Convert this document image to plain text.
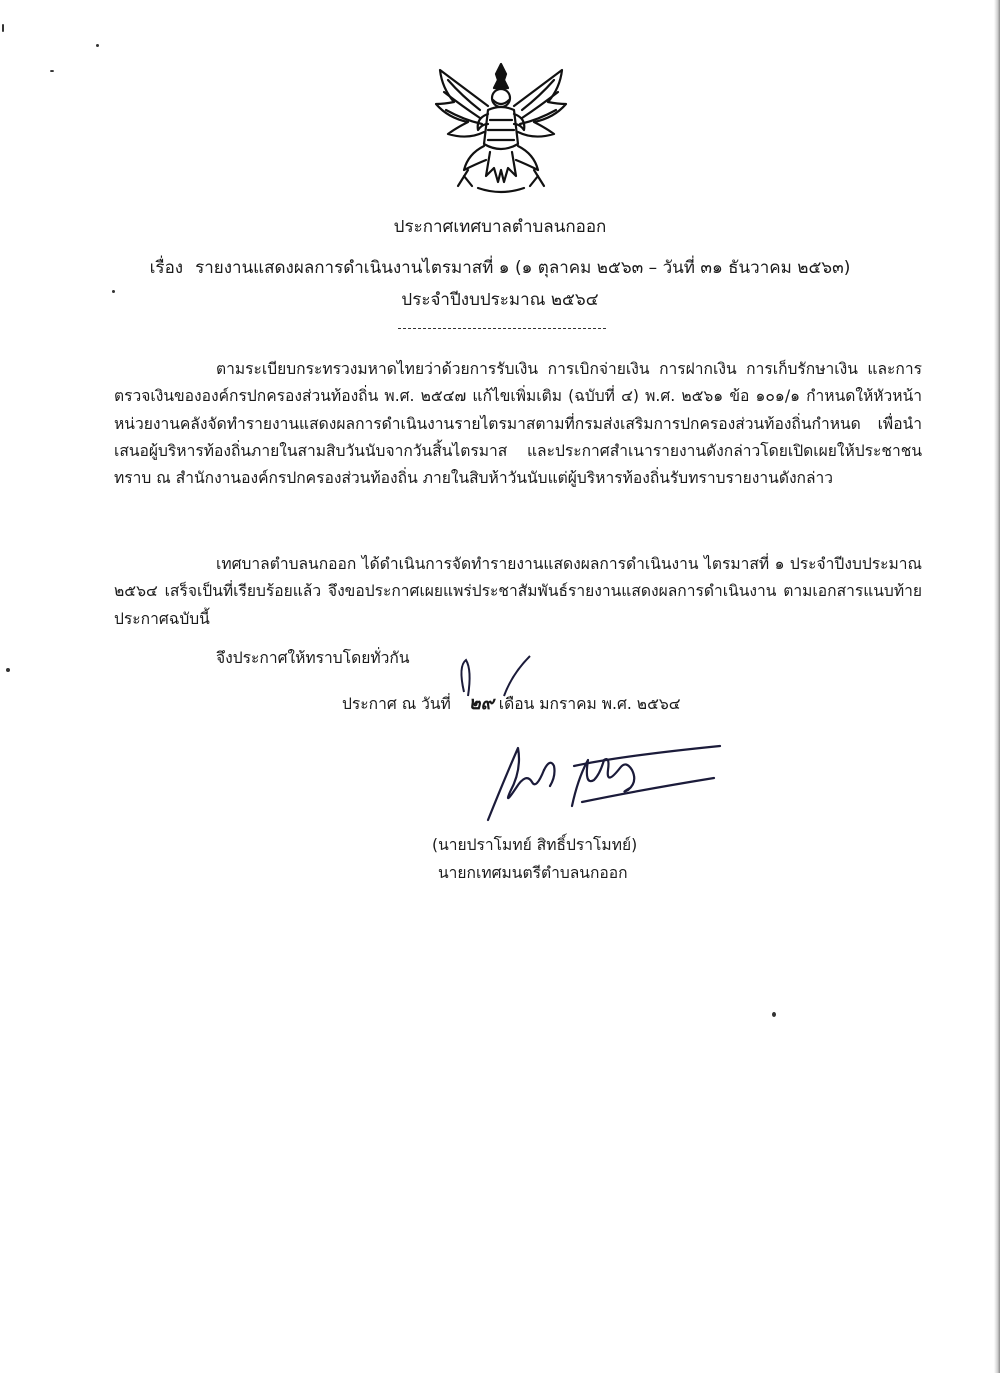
ประกาศเทศบาลตำบลนกออก
เรื่อง รายงานแสดงผลการดำเนินงานไตรมาสที่ ๑ (๑ ตุลาคม ๒๕๖๓ – วันที่ ๓๑ ธันวาคม ๒๕๖๓)
ประจำปีงบประมาณ ๒๕๖๔
ตามระเบียบกระทรวงมหาดไทยว่าด้วยการรับเงิน การเบิกจ่ายเงิน การฝากเงิน การเก็บรักษาเงิน และการตรวจเงินขององค์กรปกครองส่วนท้องถิ่น พ.ศ. ๒๕๔๗ แก้ไขเพิ่มเติม (ฉบับที่ ๔) พ.ศ. ๒๕๖๑ ข้อ ๑๐๑/๑ กำหนดให้หัวหน้าหน่วยงานคลังจัดทำรายงานแสดงผลการดำเนินงานรายไตรมาสตามที่กรมส่งเสริมการปกครองส่วนท้องถิ่นกำหนด เพื่อนำเสนอผู้บริหารท้องถิ่นภายในสามสิบวันนับจากวันสิ้นไตรมาส และประกาศสำเนารายงานดังกล่าวโดยเปิดเผยให้ประชาชนทราบ ณ สำนักงานองค์กรปกครองส่วนท้องถิ่น ภายในสิบห้าวันนับแต่ผู้บริหารท้องถิ่นรับทราบรายงานดังกล่าว
เทศบาลตำบลนกออก ได้ดำเนินการจัดทำรายงานแสดงผลการดำเนินงาน ไตรมาสที่ ๑ ประจำปีงบประมาณ ๒๕๖๔ เสร็จเป็นที่เรียบร้อยแล้ว จึงขอประกาศเผยแพร่ประชาสัมพันธ์รายงานแสดงผลการดำเนินงาน ตามเอกสารแนบท้ายประกาศฉบับนี้
จึงประกาศให้ทราบโดยทั่วกัน
ประกาศ ณ วันที่ ๒๙ เดือน มกราคม พ.ศ. ๒๕๖๔
(นายปราโมทย์ สิทธิ์ปราโมทย์)
นายกเทศมนตรีตำบลนกออก
